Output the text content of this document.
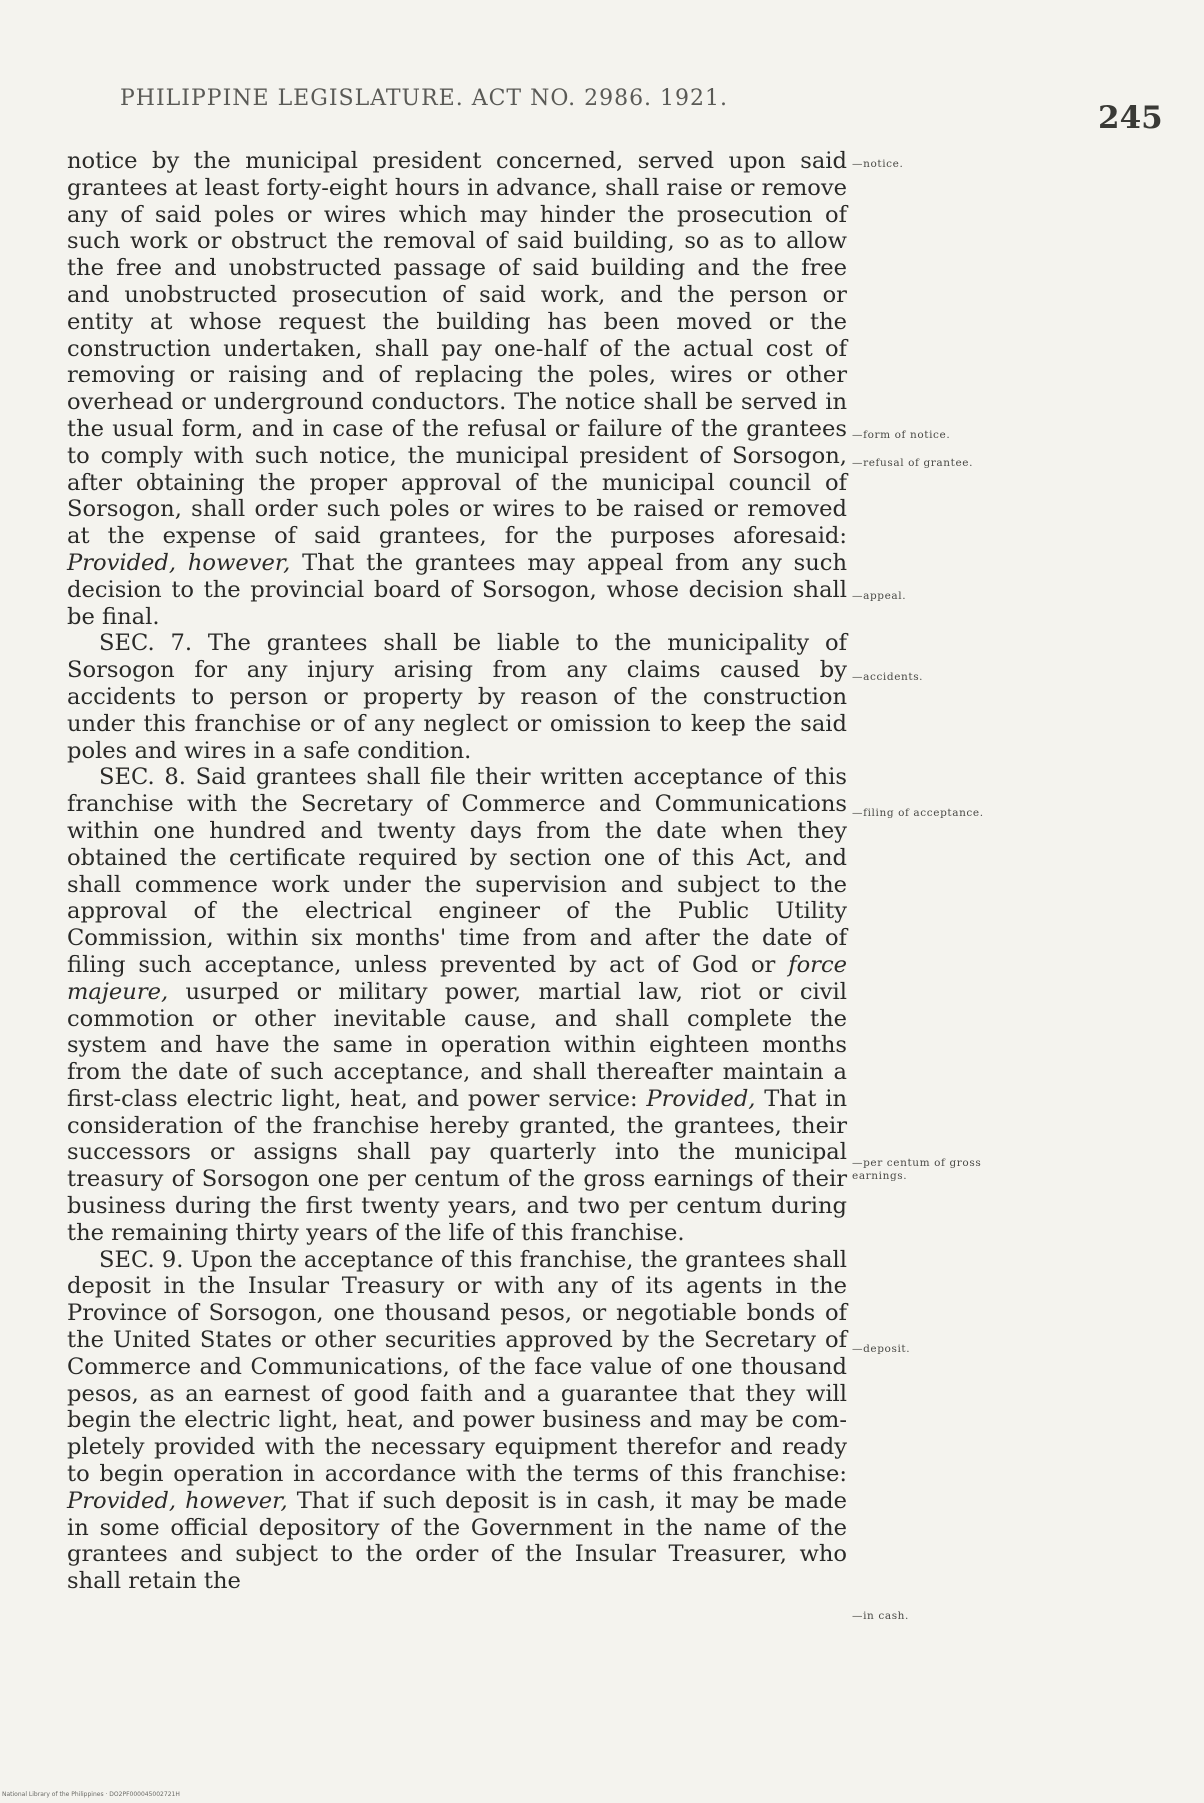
PHILIPPINE LEGISLATURE. ACT NO. 2986. 1921.
245

notice by the municipal president concerned, served upon said grantees at least forty-eight hours in advance, shall raise or remove any of said poles or wires which may hinder the prosecution of such work or obstruct the removal of said building, so as to allow the free and unobstructed passage of said building and the free and unobstructed prosecution of said work, and the person or entity at whose request the building has been moved or the construction undertaken, shall pay one-half of the actual cost of removing or raising and of replacing the poles, wires or other overhead or underground conductors. The notice shall be served in the usual form, and in case of the refusal or failure of the grantees to comply with such notice, the municipal president of Sorsogon, after obtaining the proper approval of the municipal council of Sorsogon, shall order such poles or wires to be raised or removed at the expense of said grantees, for the purposes aforesaid: Provided, however, That the grantees may appeal from any such decision to the provincial board of Sorsogon, whose decision shall be final.

SEC. 7. The grantees shall be liable to the municipality of Sorsogon for any injury arising from any claims caused by accidents to person or property by reason of the construction under this franchise or of any neglect or omission to keep the said poles and wires in a safe condition.

SEC. 8. Said grantees shall file their written acceptance of this franchise with the Secretary of Commerce and Communications within one hundred and twenty days from the date when they obtained the certificate required by section one of this Act, and shall commence work under the supervision and subject to the approval of the electrical engineer of the Public Utility Commission, within six months' time from and after the date of filing such acceptance, unless prevented by act of God or force majeure, usurped or military power, martial law, riot or civil commotion or other inevitable cause, and shall complete the system and have the same in operation within eighteen months from the date of such acceptance, and shall thereafter maintain a first-class electric light, heat, and power service: Provided, That in consideration of the franchise hereby granted, the grantees, their successors or assigns shall pay quarterly into the municipal treasury of Sorsogon one per centum of the gross earnings of their business during the first twenty years, and two per centum during the remaining thirty years of the life of this franchise.

SEC. 9. Upon the acceptance of this franchise, the grantees shall deposit in the Insular Treasury or with any of its agents in the Province of Sorsogon, one thousand pesos, or negotiable bonds of the United States or other securities approved by the Secretary of Commerce and Communications, of the face value of one thousand pesos, as an earnest of good faith and a guarantee that they will begin the electric light, heat, and power business and may be completely provided with the necessary equipment therefor and ready to begin operation in accordance with the terms of this franchise: Provided, however, That if such deposit is in cash, it may be made in some official depository of the Government in the name of the grantees and subject to the order of the Insular Treasurer, who shall retain the

—notice.
—form of notice.
—refusal of grantee.
—appeal.
—accidents.
—filing of acceptance.
—per centum of gross earnings.
—deposit.
—in cash.
National Library of the Philippines · DO2PF000045002721H
